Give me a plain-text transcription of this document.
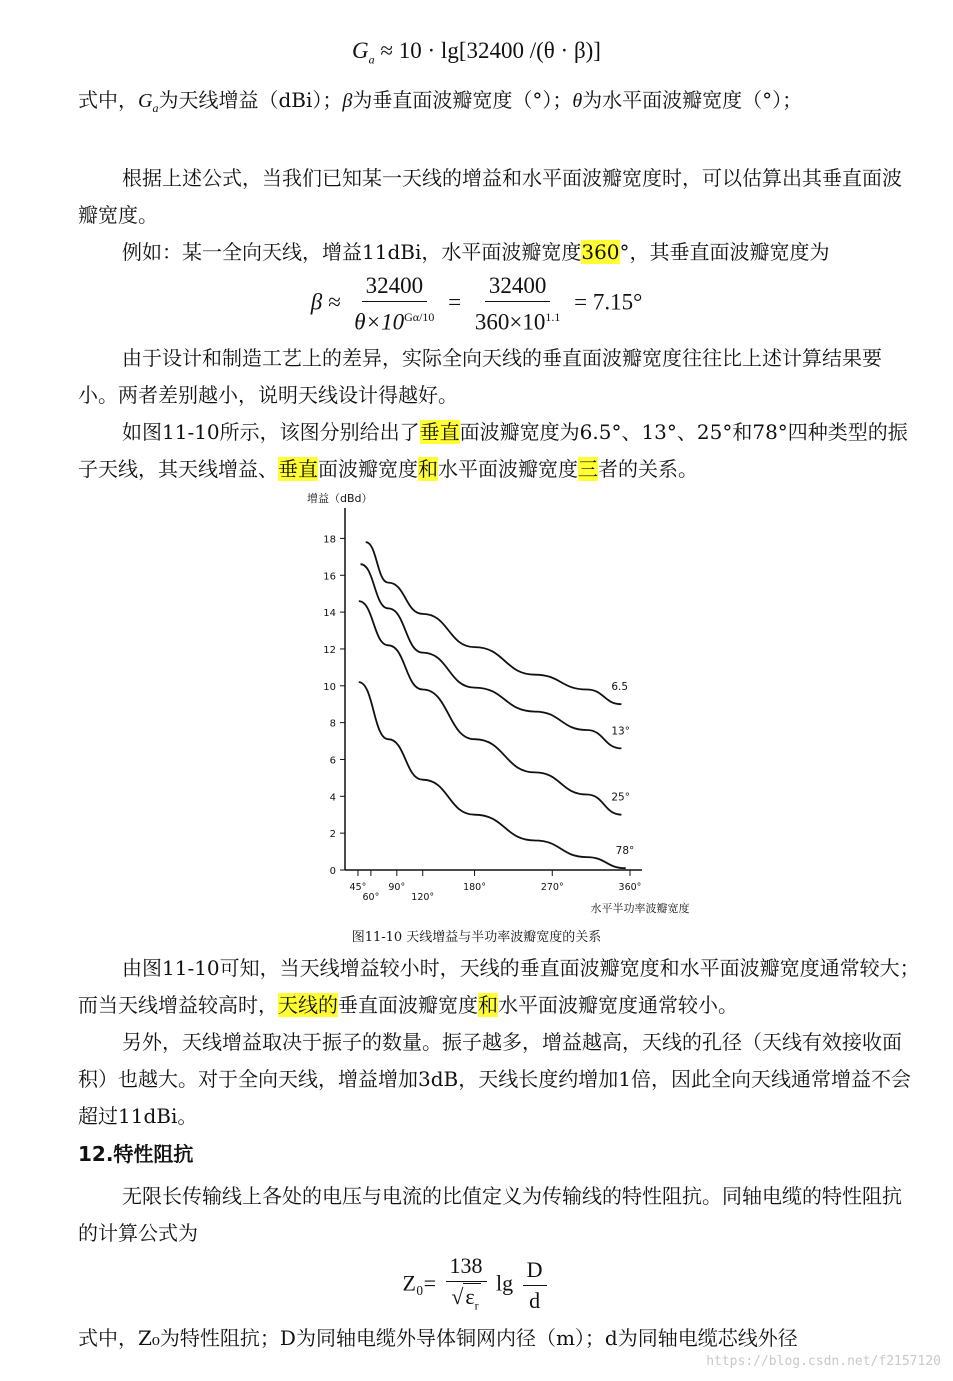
$G_a \approx 10 \cdot \lg[32400$ /(θ · β)]

式中，$G_a$为天线增益（dBi）；β为垂直面波瓣宽度（°）；θ为水平面波瓣宽度（°）；

根据上述公式，当我们已知某一天线的增益和水平面波瓣宽度时，可以估算出其垂直面波瓣宽度。

例如：某一全向天线，增益11dBi，水平面波瓣宽度360°，其垂直面波瓣宽度为

$\beta \approx \frac{32400}{\theta\times 10^{G\alpha/10}} = \frac{32400}{360\times 10^{1.1}} = 7.15^\circ$

由于设计和制造工艺上的差异，实际全向天线的垂直面波瓣宽度往往比上述计算结果要小。两者差别越小，说明天线设计得越好。

如图11-10所示，该图分别给出了垂直面波瓣宽度为6.5°、13°、25°和78°四种类型的振子天线，其天线增益、垂直面波瓣宽度和水平面波瓣宽度三者的关系。

0
2
4
6
8
10
12
14
16
18
45°
60°
90°
120°
180°	270°	360°
增益（dBd）
水平半功率波瓣宽度
6.5
13°
25°
78°
图11-10 天线增益与半功率波瓣宽度的关系

由图11-10可知，当天线增益较小时，天线的垂直面波瓣宽度和水平面波瓣宽度通常较大；而当天线增益较高时，天线的垂直面波瓣宽度和水平面波瓣宽度通常较小。

另外，天线增益取决于振子的数量。振子越多，增益越高，天线的孔径（天线有效接收面积）也越大。对于全向天线，增益增加3dB，天线长度约增加1倍，因此全向天线通常增益不会超过11dBi。

12.特性阻抗

无限长传输线上各处的电压与电流的比值定义为传输线的特性阻抗。同轴电缆的特性阻抗的计算公式为

$Z_0= \frac{138}{√\varepsilon_r}$ $\lg \frac{D}{d}$

式中，Z₀为特性阻抗；D为同轴电缆外导体铜网内径（m）；d为同轴电缆芯线外径

https://blog.csdn.net/f2157120
